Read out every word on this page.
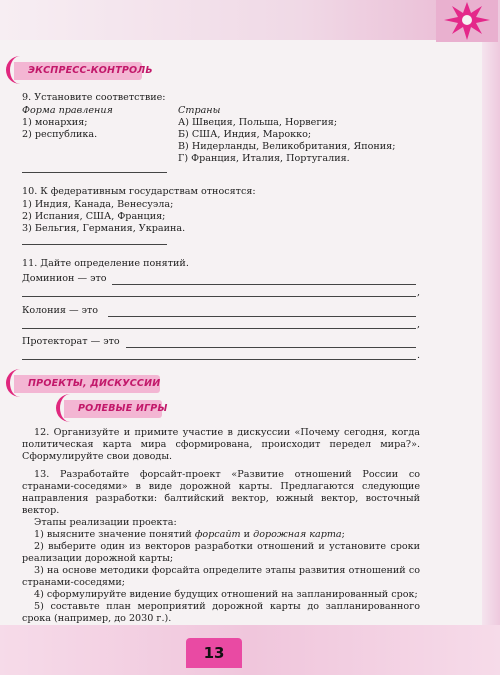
ЭКСПРЕСС-КОНТРОЛЬ
9. Установите соответствие:
Форма правления
1) монархия;
2) республика.
Страны
А) Швеция, Польша, Норвегия;
Б) США, Индия, Марокко;
В) Нидерланды, Великобритания, Япония;
Г) Франция, Италия, Португалия.
10. К федеративным государствам относятся:
1) Индия, Канада, Венесуэла;
2) Испания, США, Франция;
3) Бельгия, Германия, Украина.
11. Дайте определение понятий.
Доминион — это
,
Колония — это
,
Протекторат — это
.
ПРОЕКТЫ, ДИСКУССИИ
РОЛЕВЫЕ ИГРЫ

12. Организуйте и примите участие в дискуссии «Почему сегодня, когда политическая карта мира сформирована, происходит передел мира?». Сформулируйте свои доводы.

13. Разработайте форсайт-проект «Развитие отношений России со странами-соседями» в виде дорожной карты. Предлагаются следующие направления разработки: балтийский вектор, южный вектор, восточный вектор.

Этапы реализации проекта:

1) выясните значение понятий форсайт и дорожная карта;

2) выберите один из векторов разработки отношений и установите сроки реализации дорожной карты;

3) на основе методики форсайта определите этапы развития отношений со странами-соседями;

4) сформулируйте видение будущих отношений на запланированный срок;

5) составьте план мероприятий дорожной карты до запланированного срока (например, до 2030 г.).

13
